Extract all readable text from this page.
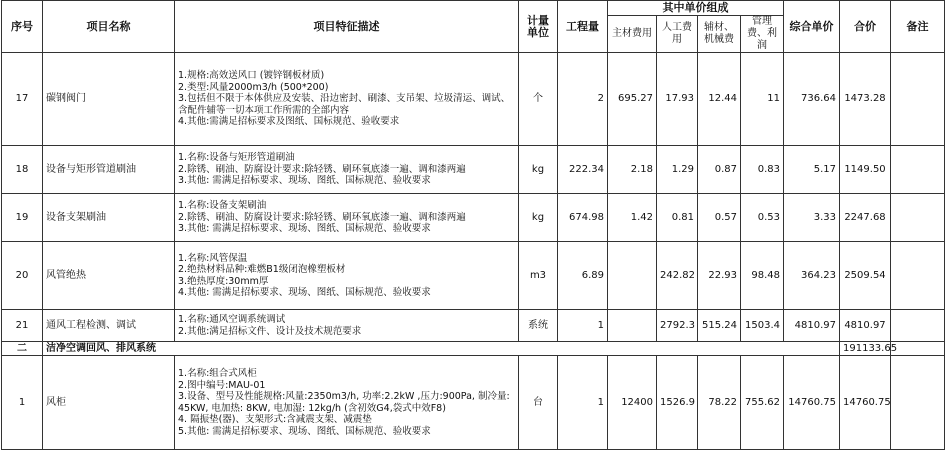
序号	项目名称	项目特征描述	计量单位	工程量	其中单价组成				综合单价	合价	备注
					主材费用	人工费用	辅材、机械费	管理费、利润			
17	碳钢阀门	1.规格:高效送风口 (镀锌钢板材质)
2.类型:风量2000m3/h (500*200)
3.包括但不限于本体供应及安装、沿边密封、刷漆、支吊架、垃圾清运、调试、含配件辅等一切本项工作所需的全部内容
4.其他:需满足招标要求及图纸、国标规范、验收要求	个	2	695.27	17.93	12.44	11	736.64	1473.28	
18	设备与矩形管道刷油	1.名称:设备与矩形管道刷油
2.除锈、刷油、防腐设计要求:除轻锈、刷环氧底漆一遍、调和漆两遍
3.其他: 需满足招标要求、现场、图纸、国标规范、验收要求	kg	222.34	2.18	1.29	0.87	0.83	5.17	1149.50	
19	设备支架刷油	1.名称:设备支架刷油
2.除锈、刷油、防腐设计要求:除轻锈、刷环氧底漆一遍、调和漆两遍
3.其他: 需满足招标要求、现场、图纸、国标规范、验收要求	kg	674.98	1.42	0.81	0.57	0.53	3.33	2247.68	
20	风管绝热	1.名称:风管保温
2.绝热材料品种:难燃B1级闭泡橡塑板材
3.绝热厚度:30mm厚
4.其他: 需满足招标要求、现场、图纸、国标规范、验收要求	m3	6.89		242.82	22.93	98.48	364.23	2509.54	
21	通风工程检测、调试	1.名称:通风空调系统调试
2.其他:满足招标文件、设计及技术规范要求	系统	1		2792.3	515.24	1503.4	4810.97	4810.97	
二	洁净空调回风、排风系统									191133.65	
1	风柜	1.名称:组合式风柜
2.图中编号:MAU-01
3.设备、型号及性能规格:风量:2350m3/h, 功率:2.2kW ,压力:900Pa, 制冷量: 45KW, 电加热: 8KW, 电加湿: 12kg/h (含初效G4,袋式中效F8)
4. 隔振垫(器)、支架形式:含减震支架、减震垫
5.其他: 需满足招标要求、现场、图纸、国标规范、验收要求	台	1	12400	1526.9	78.22	755.62	14760.75	14760.75	
